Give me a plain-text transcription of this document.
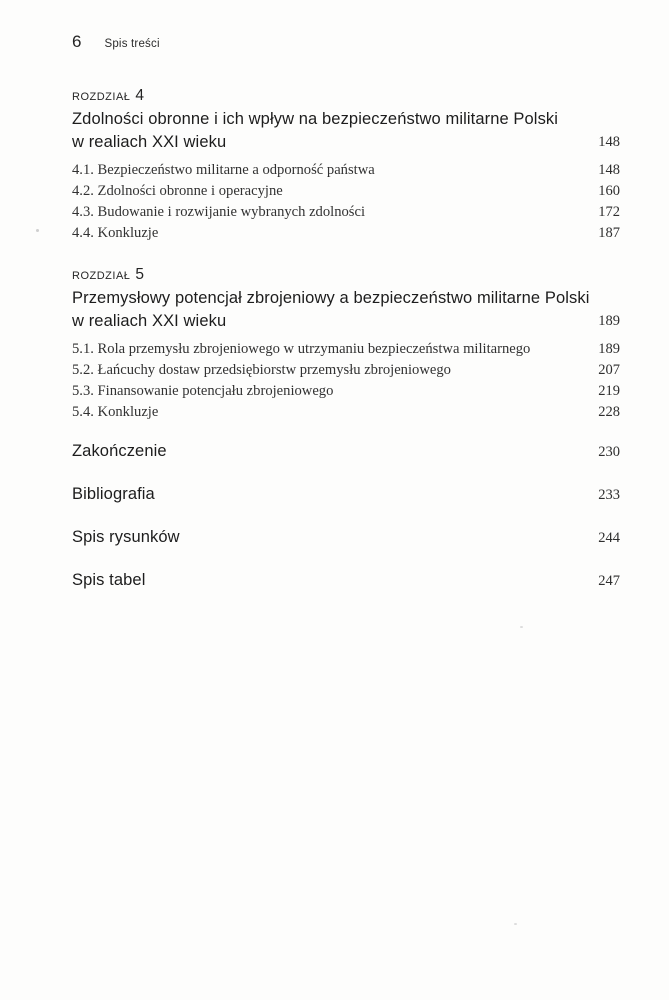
6 Spis treści
ROZDZIAŁ 4
Zdolności obronne i ich wpływ na bezpieczeństwo militarne Polski
w realiach XXI wieku	148
4.1. Bezpieczeństwo militarne a odporność państwa	148
4.2. Zdolności obronne i operacyjne	160
4.3. Budowanie i rozwijanie wybranych zdolności	172
4.4. Konkluzje	187
ROZDZIAŁ 5
Przemysłowy potencjał zbrojeniowy a bezpieczeństwo militarne Polski
w realiach XXI wieku	189
5.1. Rola przemysłu zbrojeniowego w utrzymaniu bezpieczeństwa militarnego	189
5.2. Łańcuchy dostaw przedsiębiorstw przemysłu zbrojeniowego	207
5.3. Finansowanie potencjału zbrojeniowego	219
5.4. Konkluzje	228
Zakończenie	230
Bibliografia	233
Spis rysunków	244
Spis tabel	247
